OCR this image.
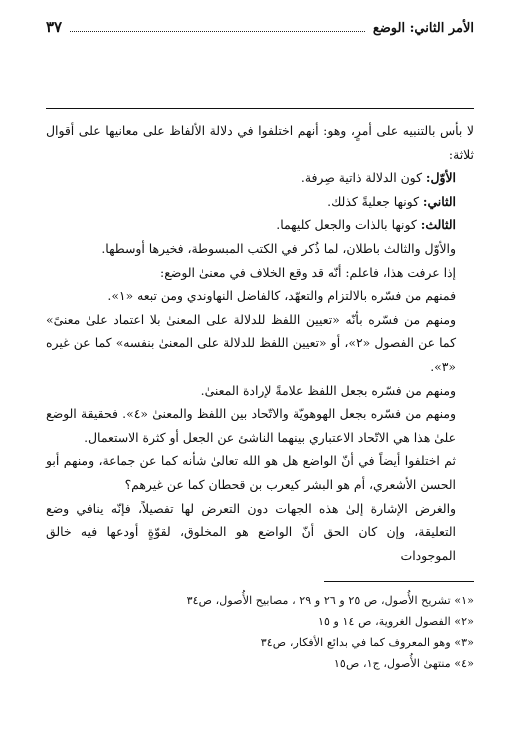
الأمر الثاني: الوضع
٣٧

لا بأس بالتنبيه على أمرٍ، وهو: أنهم اختلفوا في دلالة الألفاظ على معانيها على أقوال ثلاثة:

الأوّل: كون الدلالة ذاتية صِرفة.

الثاني: كونها جعليةً كذلك.

الثالث: كونها بالذات والجعل كليهما.

والأوّل والثالث باطلان، لما ذُكر في الكتب المبسوطة، فخيرها أوسطها.

إذا عرفت هذا، فاعلم: أنّه قد وقع الخلاف في معنىٰ الوضع:

فمنهم من فسّره بالالتزام والتعهّد، كالفاضل النهاوندي ومن تبعه «١».

ومنهم من فسّره بأنّه «تعيين اللفظ للدلالة على المعنىٰ بلا اعتماد علىٰ معنىً» كما عن الفصول «٢»، أو «تعيين اللفظ للدلالة على المعنىٰ بنفسه» كما عن غيره «٣».

ومنهم من فسّره بجعل اللفظ علامةً لإرادة المعنىٰ.

ومنهم من فسّره بجعل الهوهويّة والاتّحاد بين اللفظ والمعنىٰ «٤». فحقيقة الوضع علىٰ هذا هي الاتّحاد الاعتباري بينهما الناشئ عن الجعل أو كثرة الاستعمال.

ثم اختلفوا أيضاً في أنّ الواضع هل هو الله تعالىٰ شأنه كما عن جماعة، ومنهم أبو الحسن الأشعري، أم هو البشر كيعرب بن قحطان كما عن غيرهم؟

والغرض الإشارة إلىٰ هذه الجهات دون التعرض لها تفصيلاً، فإنّه ينافي وضع التعليقة، وإن كان الحق أنّ الواضع هو المخلوق، لقوّةٍ أودعها فيه خالق الموجودات

«١» تشريح الأُصول، ص ٢٥ و ٢٦ و ٢٩ ، مصابيح الأُصول، ص٣٤

«٢» الفصول الغروية، ص ١٤ و ١٥

«٣» وهو المعروف كما في بدائع الأفكار، ص٣٤

«٤» منتهىٰ الأُصول، ج١، ص١٥
